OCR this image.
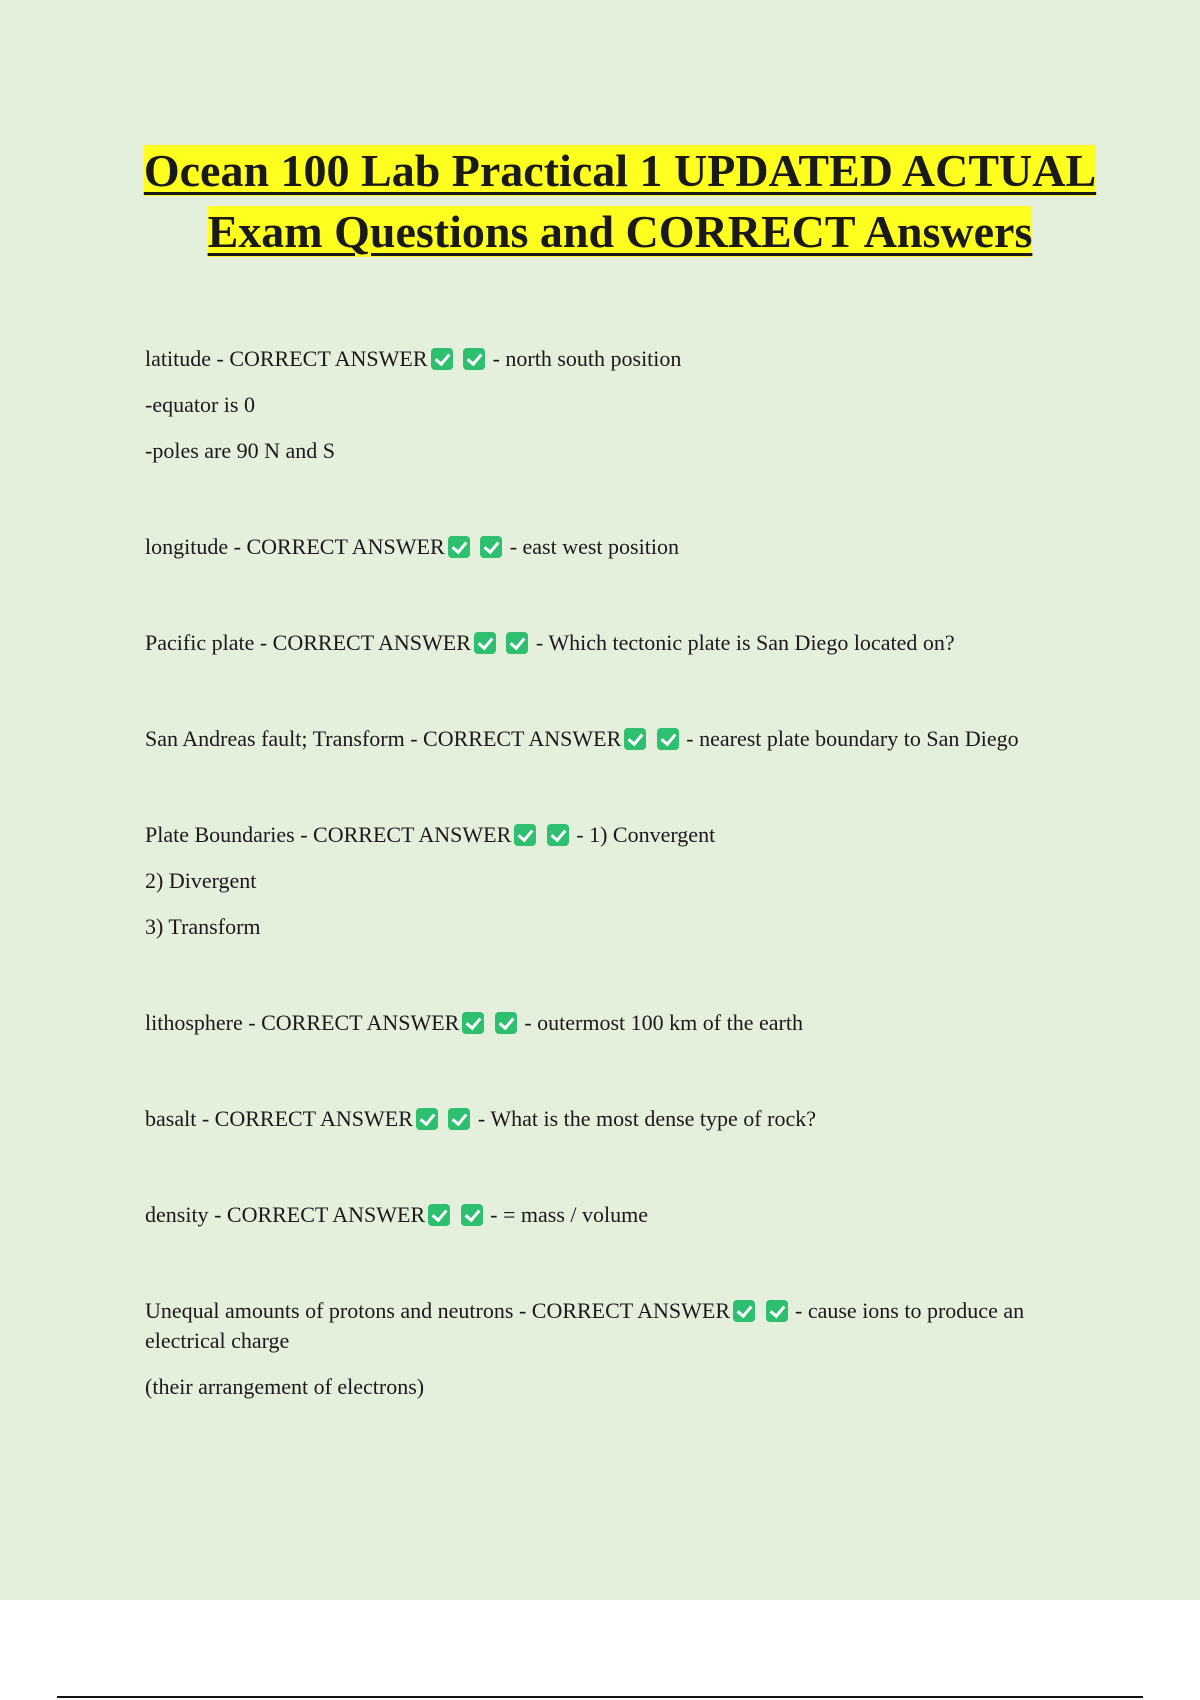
Ocean 100 Lab Practical 1 UPDATED ACTUAL Exam Questions and CORRECT Answers

latitude - CORRECT ANSWER	- north south position

-equator is 0

-poles are 90 N and S

longitude - CORRECT ANSWER	- east west position

Pacific plate - CORRECT ANSWER	- Which tectonic plate is San Diego located on?

San Andreas fault; Transform - CORRECT ANSWER	- nearest plate boundary to San Diego

Plate Boundaries - CORRECT ANSWER	- 1) Convergent

2) Divergent

3) Transform

lithosphere - CORRECT ANSWER	- outermost 100 km of the earth

basalt - CORRECT ANSWER	- What is the most dense type of rock?

density - CORRECT ANSWER	- = mass / volume

Unequal amounts of protons and neutrons - CORRECT ANSWER	- cause ions to produce an electrical charge

(their arrangement of electrons)
